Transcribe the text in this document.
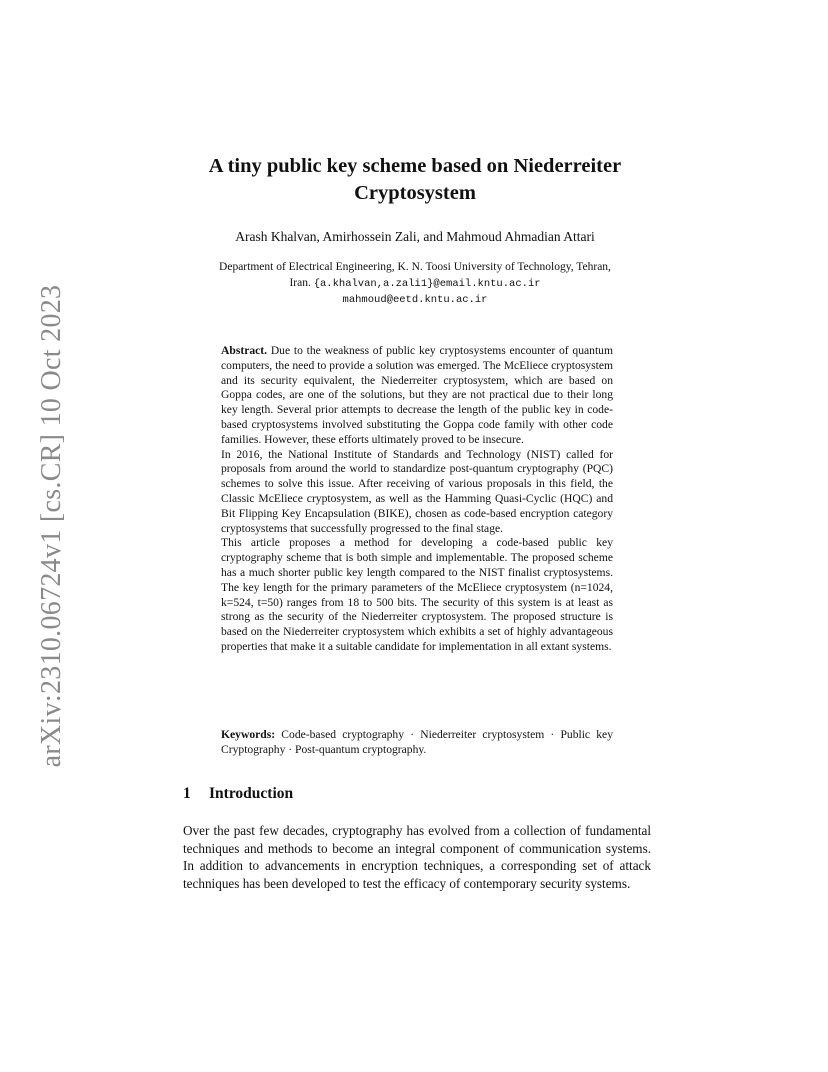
arXiv:2310.06724v1 [cs.CR] 10 Oct 2023
A tiny public key scheme based on Niederreiter
Cryptosystem
Arash Khalvan, Amirhossein Zali, and Mahmoud Ahmadian Attari
Department of Electrical Engineering, K. N. Toosi University of Technology, Tehran,
Iran. {a.khalvan,a.zali1}@email.kntu.ac.ir
mahmoud@eetd.kntu.ac.ir

Abstract. Due to the weakness of public key cryptosystems encounter of quantum computers, the need to provide a solution was emerged. The McEliece cryptosystem and its security equivalent, the Niederreiter cryptosystem, which are based on Goppa codes, are one of the solutions, but they are not practical due to their long key length. Several prior attempts to decrease the length of the public key in code-based cryptosystems involved substituting the Goppa code family with other code families. However, these efforts ultimately proved to be insecure.

In 2016, the National Institute of Standards and Technology (NIST) called for proposals from around the world to standardize post-quantum cryptography (PQC) schemes to solve this issue. After receiving of various proposals in this field, the Classic McEliece cryptosystem, as well as the Hamming Quasi-Cyclic (HQC) and Bit Flipping Key Encapsulation (BIKE), chosen as code-based encryption category cryptosystems that successfully progressed to the final stage.

This article proposes a method for developing a code-based public key cryptography scheme that is both simple and implementable. The proposed scheme has a much shorter public key length compared to the NIST finalist cryptosystems. The key length for the primary parameters of the McEliece cryptosystem (n=1024, k=524, t=50) ranges from 18 to 500 bits. The security of this system is at least as strong as the security of the Niederreiter cryptosystem. The proposed structure is based on the Niederreiter cryptosystem which exhibits a set of highly advantageous properties that make it a suitable candidate for implementation in all extant systems.

Keywords: Code-based cryptography · Niederreiter cryptosystem · Public key Cryptography · Post-quantum cryptography.
1 Introduction

Over the past few decades, cryptography has evolved from a collection of fundamental techniques and methods to become an integral component of communication systems. In addition to advancements in encryption techniques, a corresponding set of attack techniques has been developed to test the efficacy of contemporary security systems.
